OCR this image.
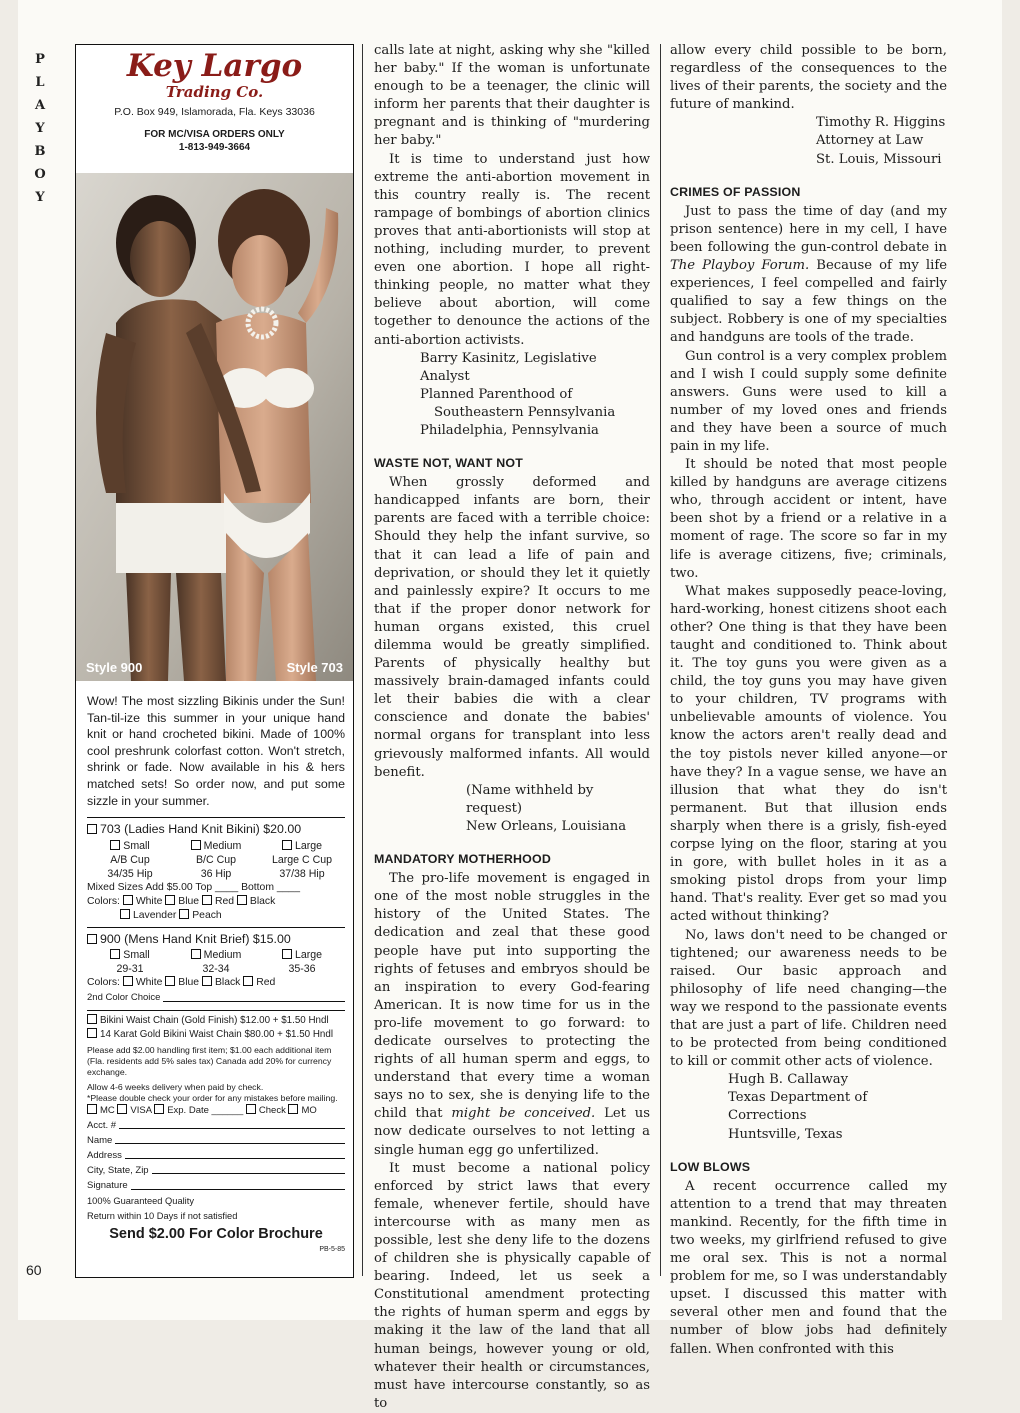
P
L
A
Y
B
O
Y
60
Key Largo
Trading Co.
P.O. Box 949, Islamorada, Fla. Keys 33036
FOR MC/VISA ORDERS ONLY
1-813-949-3664
Style 900	Style 703

Wow! The most sizzling Bikinis under the Sun! Tan-til-ize this summer in your unique hand knit or hand crocheted bikini. Made of 100% cool preshrunk colorfast cotton. Won't stretch, shrink or fade. Now available in his & hers matched sets! So order now, and put some sizzle in your summer.

703 (Ladies Hand Knit Bikini) $20.00
Small	Medium	Large
A/B Cup	B/C Cup	Large C Cup
34/35 Hip	36 Hip	37/38 Hip
Mixed Sizes Add $5.00 Top ____ Bottom ____
Colors: White Blue Red Black
Lavender Peach
900 (Mens Hand Knit Brief) $15.00
Small	Medium	Large
29-31	32-34	35-36
Colors: White Blue Black Red
2nd Color Choice
Bikini Waist Chain (Gold Finish) $12.00 + $1.50 Hndl
14 Karat Gold Bikini Waist Chain $80.00 + $1.50 Hndl
Please add $2.00 handling first item; $1.00 each additional item (Fla. residents add 5% sales tax) Canada add 20% for currency exchange.
Allow 4-6 weeks delivery when paid by check.
*Please double check your order for any mistakes before mailing.
MC VISA Exp. Date ______ Check MO
Acct. #
Name
Address
City, State, Zip
Signature
100% Guaranteed Quality
Return within 10 Days if not satisfied
Send $2.00 For Color Brochure
PB-5-85

calls late at night, asking why she "killed her baby." If the woman is unfortunate enough to be a teenager, the clinic will inform her parents that their daughter is pregnant and is thinking of "murdering her baby."

It is time to understand just how extreme the anti-abortion movement in this country really is. The recent rampage of bombings of abortion clinics proves that anti-abortionists will stop at nothing, including murder, to prevent even one abortion. I hope all right-thinking people, no matter what they believe about abortion, will come together to denounce the actions of the anti-abortion activists.

Barry Kasinitz, Legislative Analyst
Planned Parenthood of
Southeastern Pennsylvania
Philadelphia, Pennsylvania
WASTE NOT, WANT NOT

When grossly deformed and handicapped infants are born, their parents are faced with a terrible choice: Should they help the infant survive, so that it can lead a life of pain and deprivation, or should they let it quietly and painlessly expire? It occurs to me that if the proper donor network for human organs existed, this cruel dilemma would be greatly simplified. Parents of physically healthy but massively brain-damaged infants could let their babies die with a clear conscience and donate the babies' normal organs for transplant into less grievously malformed infants. All would benefit.

(Name withheld by request)
New Orleans, Louisiana
MANDATORY MOTHERHOOD

The pro-life movement is engaged in one of the most noble struggles in the history of the United States. The dedication and zeal that these good people have put into supporting the rights of fetuses and embryos should be an inspiration to every God-fearing American. It is now time for us in the pro-life movement to go forward: to dedicate ourselves to protecting the rights of all human sperm and eggs, to understand that every time a woman says no to sex, she is denying life to the child that might be conceived. Let us now dedicate ourselves to not letting a single human egg go unfertilized.

It must become a national policy enforced by strict laws that every female, whenever fertile, should have intercourse with as many men as possible, lest she deny life to the dozens of children she is physically capable of bearing. Indeed, let us seek a Constitutional amendment protecting the rights of human sperm and eggs by making it the law of the land that all human beings, however young or old, whatever their health or circumstances, must have intercourse constantly, so as to

allow every child possible to be born, regardless of the consequences to the lives of their parents, the society and the future of mankind.

Timothy R. Higgins
Attorney at Law
St. Louis, Missouri
CRIMES OF PASSION

Just to pass the time of day (and my prison sentence) here in my cell, I have been following the gun-control debate in The Playboy Forum. Because of my life experiences, I feel compelled and fairly qualified to say a few things on the subject. Robbery is one of my specialties and handguns are tools of the trade.

Gun control is a very complex problem and I wish I could supply some definite answers. Guns were used to kill a number of my loved ones and friends and they have been a source of much pain in my life.

It should be noted that most people killed by handguns are average citizens who, through accident or intent, have been shot by a friend or a relative in a moment of rage. The score so far in my life is average citizens, five; criminals, two.

What makes supposedly peace-loving, hard-working, honest citizens shoot each other? One thing is that they have been taught and conditioned to. Think about it. The toy guns you were given as a child, the toy guns you may have given to your children, TV programs with unbelievable amounts of violence. You know the actors aren't really dead and the toy pistols never killed anyone—or have they? In a vague sense, we have an illusion that what they do isn't permanent. But that illusion ends sharply when there is a grisly, fish-eyed corpse lying on the floor, staring at you in gore, with bullet holes in it as a smoking pistol drops from your limp hand. That's reality. Ever get so mad you acted without thinking?

No, laws don't need to be changed or tightened; our awareness needs to be raised. Our basic approach and philosophy of life need changing—the way we respond to the passionate events that are just a part of life. Children need to be protected from being conditioned to kill or commit other acts of violence.

Hugh B. Callaway
Texas Department of Corrections
Huntsville, Texas
LOW BLOWS

A recent occurrence called my attention to a trend that may threaten mankind. Recently, for the fifth time in two weeks, my girlfriend refused to give me oral sex. This is not a normal problem for me, so I was understandably upset. I discussed this matter with several other men and found that the number of blow jobs had definitely fallen. When confronted with this
